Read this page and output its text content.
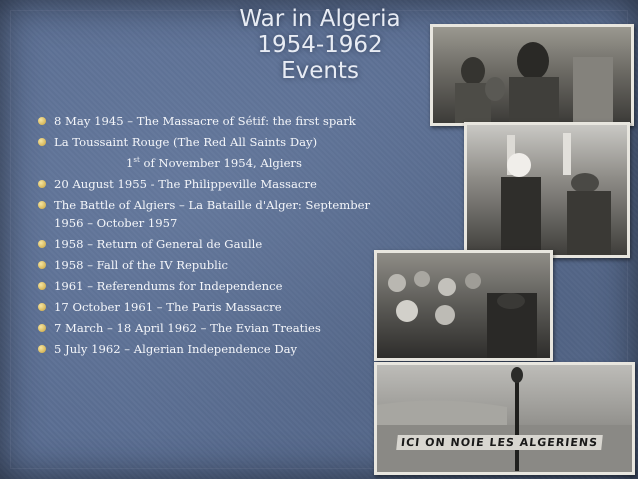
War in Algeria
1954-1962
Events
8 May 1945 – The Massacre of Sétif: the first spark
La Toussaint Rouge (The Red All Saints Day)
1st of November 1954, Algiers
20 August 1955 - The Philippeville Massacre
The Battle of Algiers – La Bataille d'Alger: September 1956 – October 1957
1958 – Return of General de Gaulle
1958 – Fall of the IV Republic
1961 – Referendums for Independence
17 October 1961 – The Paris Massacre
7 March – 18 April 1962 – The Evian Treaties
5 July 1962 – Algerian Independence Day
ICI ON NOIE LES ALGERIENS
